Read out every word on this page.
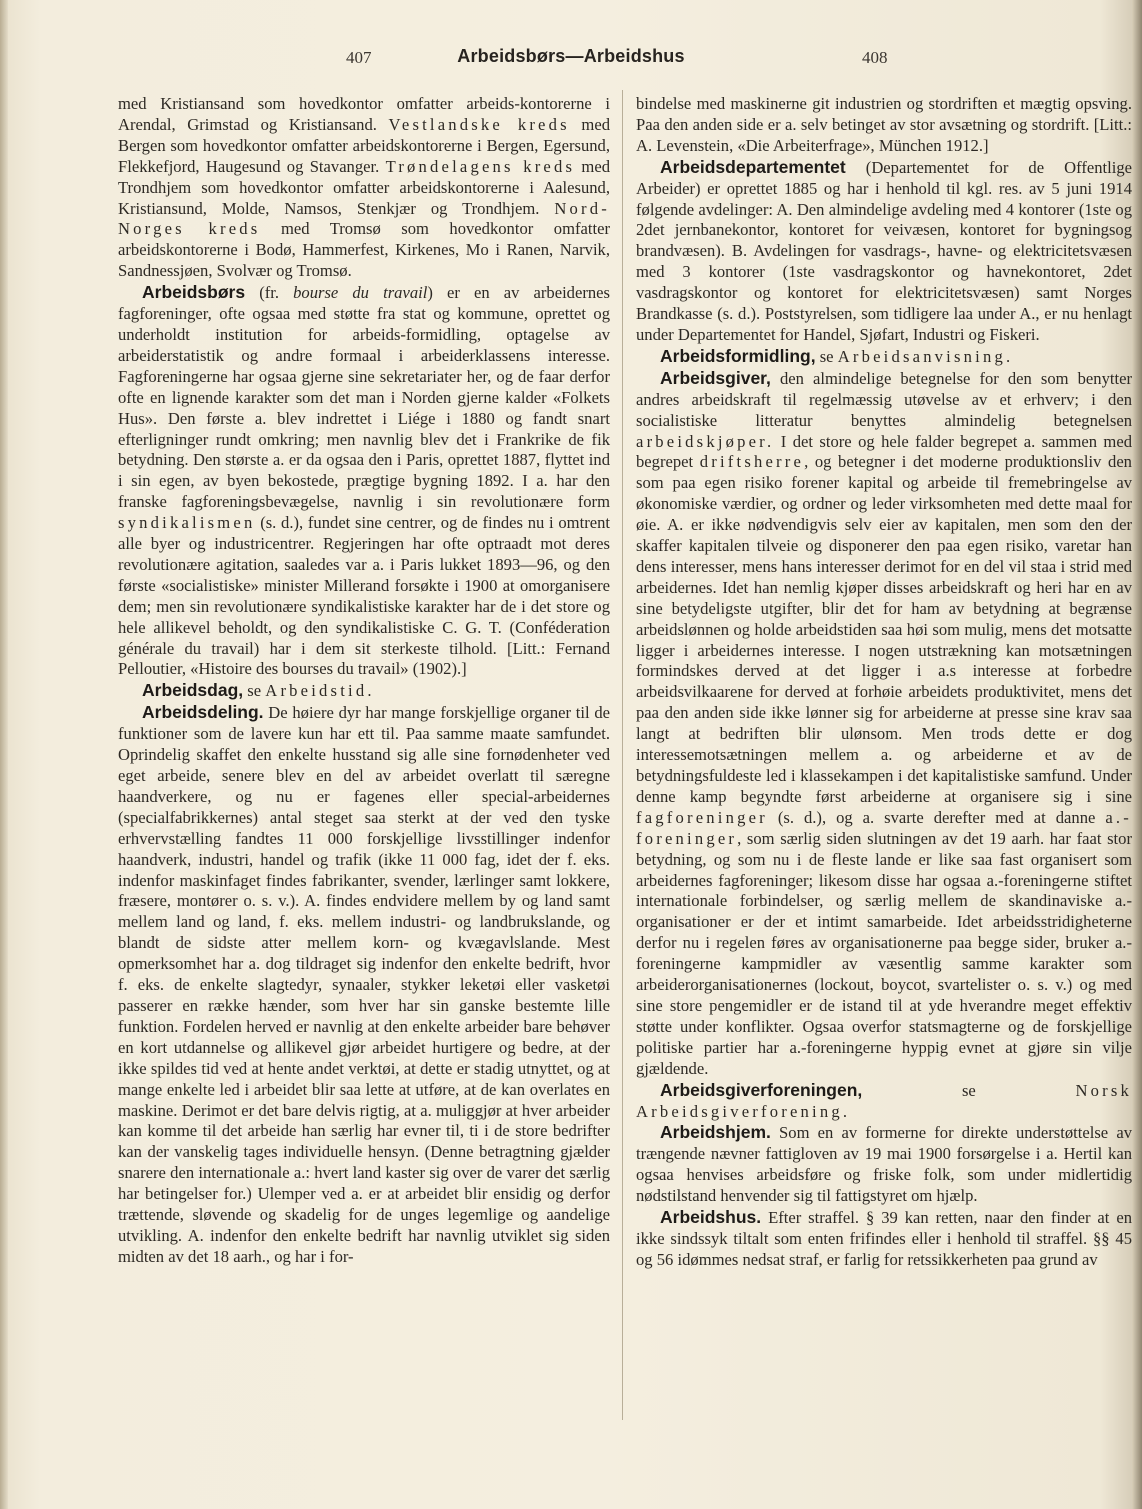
407	Arbeidsbørs—Arbeidshus	408

med Kristiansand som hovedkontor omfatter arbeids-kontorerne i Arendal, Grimstad og Kristiansand. Vestlandske kreds med Bergen som hovedkontor omfatter arbeidskontorerne i Bergen, Egersund, Flekkefjord, Haugesund og Stavanger. Trøndelagens kreds med Trondhjem som hovedkontor omfatter arbeidskontorerne i Aalesund, Kristiansund, Molde, Namsos, Stenkjær og Trondhjem. Nord-Norges kreds med Tromsø som hovedkontor omfatter arbeidskontorerne i Bodø, Hammerfest, Kirkenes, Mo i Ranen, Narvik, Sandnessjøen, Svolvær og Tromsø.

Arbeidsbørs (fr. bourse du travail) er en av arbeidernes fagforeninger, ofte ogsaa med støtte fra stat og kommune, oprettet og underholdt institution for arbeids-formidling, optagelse av arbeiderstatistik og andre formaal i arbeiderklassens interesse. Fagforeningerne har ogsaa gjerne sine sekretariater her, og de faar derfor ofte en lignende karakter som det man i Norden gjerne kalder «Folkets Hus». Den første a. blev indrettet i Liége i 1880 og fandt snart efterligninger rundt omkring; men navnlig blev det i Frankrike de fik betydning. Den største a. er da ogsaa den i Paris, oprettet 1887, flyttet ind i sin egen, av byen bekostede, prægtige bygning 1892. I a. har den franske fagforeningsbevægelse, navnlig i sin revolutionære form syndikalismen (s. d.), fundet sine centrer, og de findes nu i omtrent alle byer og industricentrer. Regjeringen har ofte optraadt mot deres revolutionære agitation, saaledes var a. i Paris lukket 1893—96, og den første «socialistiske» minister Millerand forsøkte i 1900 at omorganisere dem; men sin revolutionære syndikalistiske karakter har de i det store og hele allikevel beholdt, og den syndikalistiske C. G. T. (Conféderation générale du travail) har i dem sit sterkeste tilhold. [Litt.: Fernand Pelloutier, «Histoire des bourses du travail» (1902).]

Arbeidsdag, se Arbeidstid.

Arbeidsdeling. De høiere dyr har mange forskjellige organer til de funktioner som de lavere kun har ett til. Paa samme maate samfundet. Oprindelig skaffet den enkelte husstand sig alle sine fornødenheter ved eget arbeide, senere blev en del av arbeidet overlatt til særegne haandverkere, og nu er fagenes eller special-arbeidernes (specialfabrikkernes) antal steget saa sterkt at der ved den tyske erhvervstælling fandtes 11 000 forskjellige livsstillinger indenfor haandverk, industri, handel og trafik (ikke 11 000 fag, idet der f. eks. indenfor maskinfaget findes fabrikanter, svender, lærlinger samt lokkere, fræsere, montører o. s. v.). A. findes endvidere mellem by og land samt mellem land og land, f. eks. mellem industri- og landbrukslande, og blandt de sidste atter mellem korn- og kvægavlslande. Mest opmerksomhet har a. dog tildraget sig indenfor den enkelte bedrift, hvor f. eks. de enkelte slagtedyr, synaaler, stykker leketøi eller vasketøi passerer en række hænder, som hver har sin ganske bestemte lille funktion. Fordelen herved er navnlig at den enkelte arbeider bare behøver en kort utdannelse og allikevel gjør arbeidet hurtigere og bedre, at der ikke spildes tid ved at hente andet verktøi, at dette er stadig utnyttet, og at mange enkelte led i arbeidet blir saa lette at utføre, at de kan overlates en maskine. Derimot er det bare delvis rigtig, at a. muliggjør at hver arbeider kan komme til det arbeide han særlig har evner til, ti i de store bedrifter kan der vanskelig tages individuelle hensyn. (Denne betragtning gjælder snarere den internationale a.: hvert land kaster sig over de varer det særlig har betingelser for.) Ulemper ved a. er at arbeidet blir ensidig og derfor trættende, sløvende og skadelig for de unges legemlige og aandelige utvikling. A. indenfor den enkelte bedrift har navnlig utviklet sig siden midten av det 18 aarh., og har i for-

bindelse med maskinerne git industrien og stordriften et mægtig opsving. Paa den anden side er a. selv betinget av stor avsætning og stordrift. [Litt.: A. Levenstein, «Die Arbeiterfrage», München 1912.]

Arbeidsdepartementet (Departementet for de Offentlige Arbeider) er oprettet 1885 og har i henhold til kgl. res. av 5 juni 1914 følgende avdelinger: A. Den almindelige avdeling med 4 kontorer (1ste og 2det jernbanekontor, kontoret for veivæsen, kontoret for bygningsog brandvæsen). B. Avdelingen for vasdrags-, havne- og elektricitetsvæsen med 3 kontorer (1ste vasdragskontor og havnekontoret, 2det vasdragskontor og kontoret for elektricitetsvæsen) samt Norges Brandkasse (s. d.). Poststyrelsen, som tidligere laa under A., er nu henlagt under Departementet for Handel, Sjøfart, Industri og Fiskeri.

Arbeidsformidling, se Arbeidsanvisning.

Arbeidsgiver, den almindelige betegnelse for den som benytter andres arbeidskraft til regelmæssig utøvelse av et erhverv; i den socialistiske litteratur benyttes almindelig betegnelsen arbeidskjøper. I det store og hele falder begrepet a. sammen med begrepet driftsherre, og betegner i det moderne produktionsliv den som paa egen risiko forener kapital og arbeide til fremebringelse av økonomiske værdier, og ordner og leder virksomheten med dette maal for øie. A. er ikke nødvendigvis selv eier av kapitalen, men som den der skaffer kapitalen tilveie og disponerer den paa egen risiko, varetar han dens interesser, mens hans interesser derimot for en del vil staa i strid med arbeidernes. Idet han nemlig kjøper disses arbeidskraft og heri har en av sine betydeligste utgifter, blir det for ham av betydning at begrænse arbeidslønnen og holde arbeidstiden saa høi som mulig, mens det motsatte ligger i arbeidernes interesse. I nogen utstrækning kan motsætningen formindskes derved at det ligger i a.s interesse at forbedre arbeidsvilkaarene for derved at forhøie arbeidets produktivitet, mens det paa den anden side ikke lønner sig for arbeiderne at presse sine krav saa langt at bedriften blir ulønsom. Men trods dette er dog interessemotsætningen mellem a. og arbeiderne et av de betydningsfuldeste led i klassekampen i det kapitalistiske samfund. Under denne kamp begyndte først arbeiderne at organisere sig i sine fagforeninger (s. d.), og a. svarte derefter med at danne a.-foreninger, som særlig siden slutningen av det 19 aarh. har faat stor betydning, og som nu i de fleste lande er like saa fast organisert som arbeidernes fagforeninger; likesom disse har ogsaa a.-foreningerne stiftet internationale forbindelser, og særlig mellem de skandinaviske a.-organisationer er der et intimt samarbeide. Idet arbeidsstridigheterne derfor nu i regelen føres av organisationerne paa begge sider, bruker a.-foreningerne kampmidler av væsentlig samme karakter som arbeiderorganisationernes (lockout, boycot, svartelister o. s. v.) og med sine store pengemidler er de istand til at yde hverandre meget effektiv støtte under konflikter. Ogsaa overfor statsmagterne og de forskjellige politiske partier har a.-foreningerne hyppig evnet at gjøre sin vilje gjældende.

Arbeidsgiverforeningen, se Norsk Arbeidsgiverforening.

Arbeidshjem. Som en av formerne for direkte understøttelse av trængende nævner fattigloven av 19 mai 1900 forsørgelse i a. Hertil kan ogsaa henvises arbeidsføre og friske folk, som under midlertidig nødstilstand henvender sig til fattigstyret om hjælp.

Arbeidshus. Efter straffel. § 39 kan retten, naar den finder at en ikke sindssyk tiltalt som enten frifindes eller i henhold til straffel. §§ 45 og 56 idømmes nedsat straf, er farlig for retssikkerheten paa grund av
